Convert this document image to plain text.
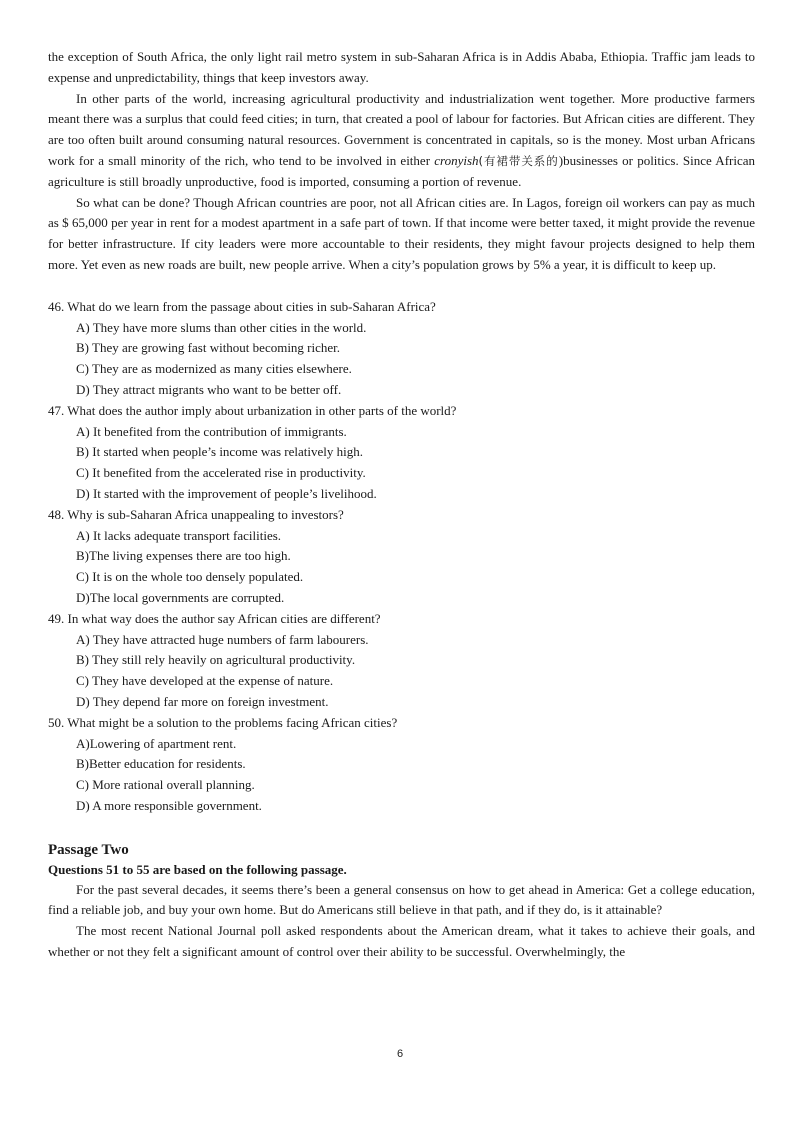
the exception of South Africa, the only light rail metro system in sub-Saharan Africa is in Addis Ababa, Ethiopia. Traffic jam leads to expense and unpredictability, things that keep investors away.

In other parts of the world, increasing agricultural productivity and industrialization went together. More productive farmers meant there was a surplus that could feed cities; in turn, that created a pool of labour for factories. But African cities are different. They are too often built around consuming natural resources. Government is concentrated in capitals, so is the money. Most urban Africans work for a small minority of the rich, who tend to be involved in either cronyish(有裙带关系的)businesses or politics. Since African agriculture is still broadly unproductive, food is imported, consuming a portion of revenue.

So what can be done? Though African countries are poor, not all African cities are. In Lagos, foreign oil workers can pay as much as $ 65,000 per year in rent for a modest apartment in a safe part of town. If that income were better taxed, it might provide the revenue for better infrastructure. If city leaders were more accountable to their residents, they might favour projects designed to help them more. Yet even as new roads are built, new people arrive. When a city’s population grows by 5% a year, it is difficult to keep up.

46. What do we learn from the passage about cities in sub-Saharan Africa?

A) They have more slums than other cities in the world.

B) They are growing fast without becoming richer.

C) They are as modernized as many cities elsewhere.

D) They attract migrants who want to be better off.

47. What does the author imply about urbanization in other parts of the world?

A) It benefited from the contribution of immigrants.

B) It started when people’s income was relatively high.

C) It benefited from the accelerated rise in productivity.

D) It started with the improvement of people’s livelihood.

48. Why is sub-Saharan Africa unappealing to investors?

A) It lacks adequate transport facilities.

B)The living expenses there are too high.

C) It is on the whole too densely populated.

D)The local governments are corrupted.

49. In what way does the author say African cities are different?

A) They have attracted huge numbers of farm labourers.

B) They still rely heavily on agricultural productivity.

C) They have developed at the expense of nature.

D) They depend far more on foreign investment.

50. What might be a solution to the problems facing African cities?

A)Lowering of apartment rent.

B)Better education for residents.

C) More rational overall planning.

D) A more responsible government.

Passage Two

Questions 51 to 55 are based on the following passage.

For the past several decades, it seems there’s been a general consensus on how to get ahead in America: Get a college education, find a reliable job, and buy your own home. But do Americans still believe in that path, and if they do, is it attainable?

The most recent National Journal poll asked respondents about the American dream, what it takes to achieve their goals, and whether or not they felt a significant amount of control over their ability to be successful. Overwhelmingly, the

6
